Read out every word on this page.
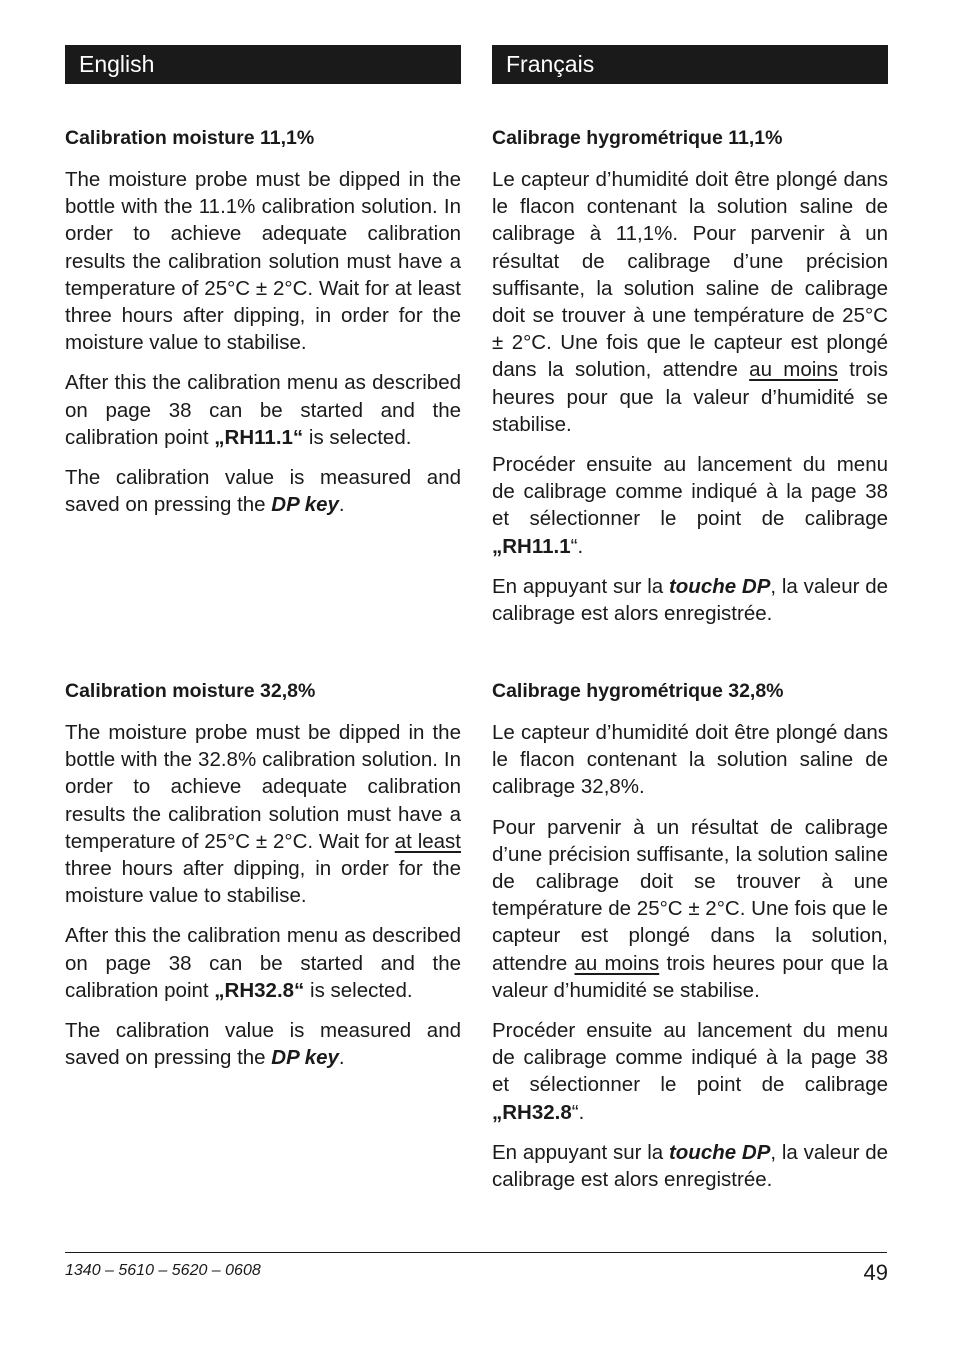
English
Calibration moisture 11,1%

The moisture probe must be dipped in the bottle with the 11.1% calibration solution. In order to achieve adequate calibration results the calibration solution must have a temperature of 25°C ± 2°C. Wait for at least three hours after dipping, in order for the moisture value to stabilise.

After this the calibration menu as described on page 38 can be started and the calibration point „RH11.1“ is selected.

The calibration value is measured and saved on pressing the DP key.

Calibration moisture 32,8%

The moisture probe must be dipped in the bottle with the 32.8% calibration solution. In order to achieve adequate calibration results the calibration solution must have a temperature of 25°C ± 2°C. Wait for at least three hours after dipping, in order for the moisture value to stabilise.

After this the calibration menu as described on page 38 can be started and the calibration point „RH32.8“ is selected.

The calibration value is measured and saved on pressing the DP key.

Français
Calibrage hygrométrique 11,1%

Le capteur d’humidité doit être plongé dans le flacon contenant la solution saline de calibrage à 11,1%. Pour parvenir à un résultat de calibrage d’une précision suffisante, la solution saline de calibrage doit se trouver à une température de 25°C ± 2°C. Une fois que le capteur est plongé dans la solution, attendre au moins trois heures pour que la valeur d’humidité se stabilise.

Procéder ensuite au lancement du menu de calibrage comme indiqué à la page 38 et sélectionner le point de calibrage „RH11.1“.

En appuyant sur la touche DP, la valeur de calibrage est alors enregistrée.

Calibrage hygrométrique 32,8%

Le capteur d’humidité doit être plongé dans le flacon contenant la solution saline de calibrage 32,8%.

Pour parvenir à un résultat de calibrage d’une précision suffisante, la solution saline de calibrage doit se trouver à une température de 25°C ± 2°C. Une fois que le capteur est plongé dans la solution, attendre au moins trois heures pour que la valeur d’humidité se stabilise.

Procéder ensuite au lancement du menu de calibrage comme indiqué à la page 38 et sélectionner le point de calibrage „RH32.8“.

En appuyant sur la touche DP, la valeur de calibrage est alors enregistrée.

1340 – 5610 – 5620 – 0608	49
